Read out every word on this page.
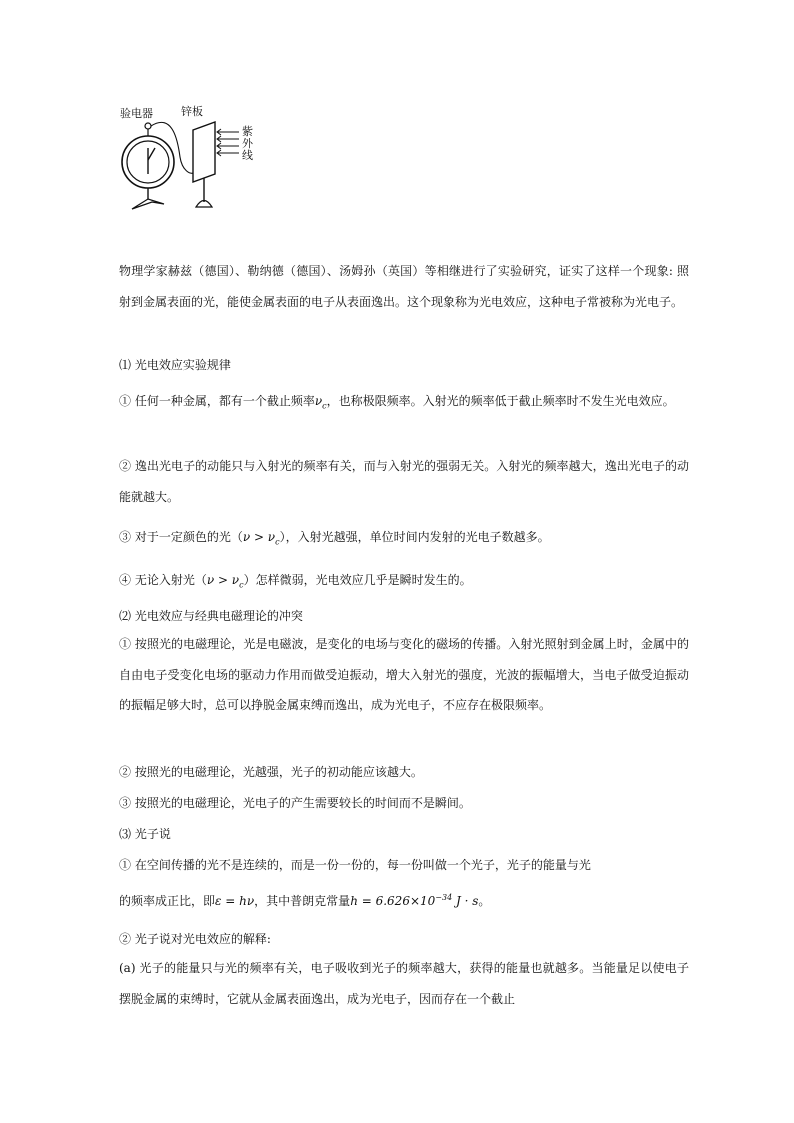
验电器	锌板
紫
外
线
物理学家赫兹（德国）、勒纳德（德国）、汤姆孙（英国）等相继进行了实验研究，证实了这样一个现象: 照射到金属表面的光，能使金属表面的电子从表面逸出。这个现象称为光电效应，这种电子常被称为光电子。
⑴ 光电效应实验规律
① 任何一种金属，都有一个截止频率$\nu_c$，也称极限频率。入射光的频率低于截止频率时不发生光电效应。
② 逸出光电子的动能只与入射光的频率有关，而与入射光的强弱无关。入射光的频率越大，逸出光电子的动能就越大。
③ 对于一定颜色的光$(\nu > \nu_c)$，入射光越强，单位时间内发射的光电子数越多。
④ 无论入射光$(\nu > \nu_c)$怎样微弱，光电效应几乎是瞬时发生的。
⑵ 光电效应与经典电磁理论的冲突
① 按照光的电磁理论，光是电磁波，是变化的电场与变化的磁场的传播。入射光照射到金属上时，金属中的自由电子受变化电场的驱动力作用而做受迫振动，增大入射光的强度，光波的振幅增大，当电子做受迫振动的振幅足够大时，总可以挣脱金属束缚而逸出，成为光电子，不应存在极限频率。
② 按照光的电磁理论，光越强，光子的初动能应该越大。
③ 按照光的电磁理论，光电子的产生需要较长的时间而不是瞬间。
⑶ 光子说
① 在空间传播的光不是连续的，而是一份一份的，每一份叫做一个光子，光子的能量与光
的频率成正比，即ε = hν，其中普朗克常量$h = 6.626\times 10^{-34}$ J · s。
② 光子说对光电效应的解释:
(a) 光子的能量只与光的频率有关，电子吸收到光子的频率越大，获得的能量也就越多。当能量足以使电子摆脱金属的束缚时，它就从金属表面逸出，成为光电子，因而存在一个截止
